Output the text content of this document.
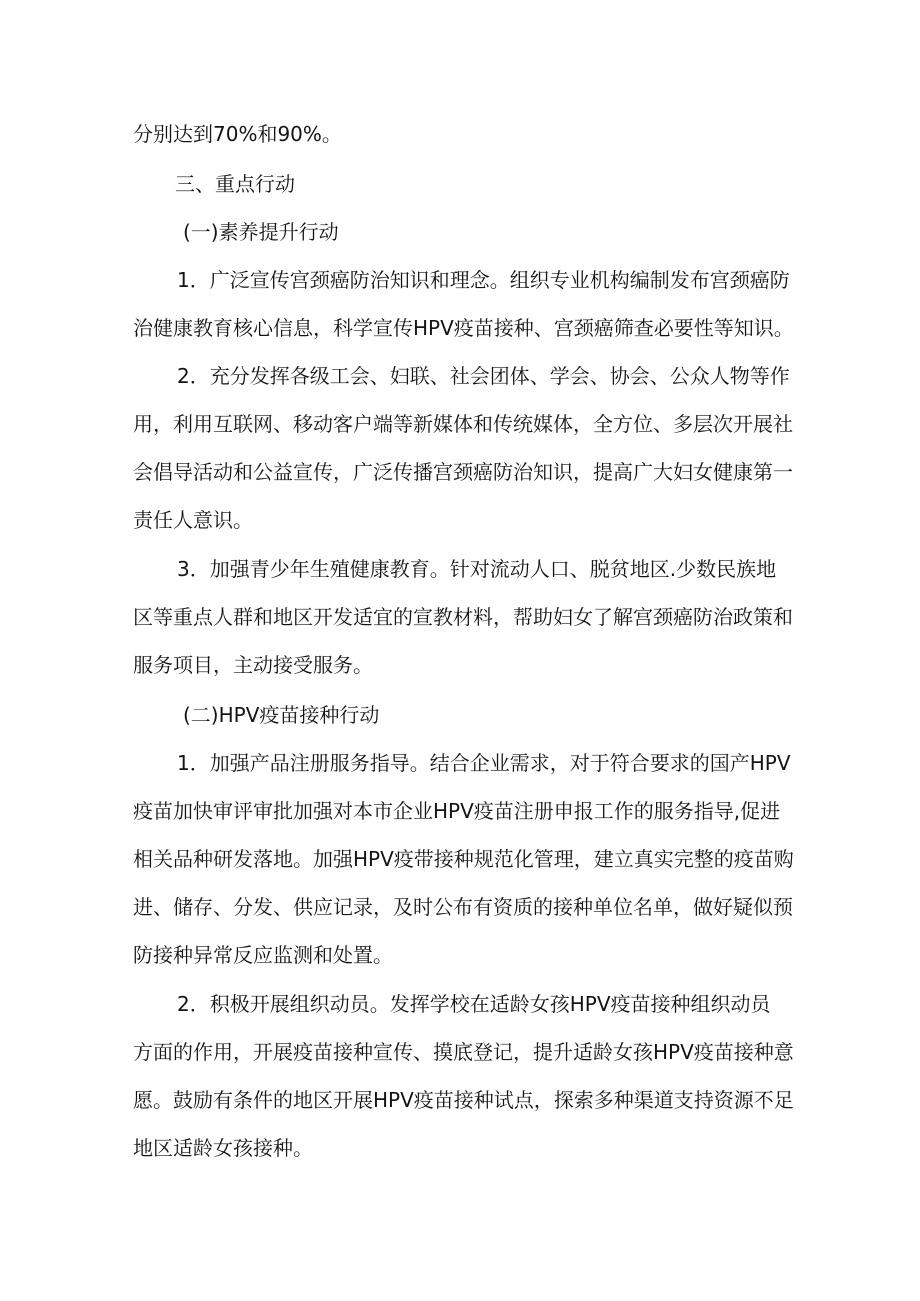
分别达到70%和90%。

三、重点行动

(一)素养提升行动

1．广泛宣传宫颈癌防治知识和理念。组织专业机构编制发布宫颈癌防

治健康教育核心信息，科学宣传HPV疫苗接种、宫颈癌筛查必要性等知识。

2．充分发挥各级工会、妇联、社会团体、学会、协会、公众人物等作

用，利用互联网、移动客户端等新媒体和传统媒体，全方位、多层次开展社

会倡导活动和公益宣传，广泛传播宫颈癌防治知识，提高广大妇女健康第一

责任人意识。

3．加强青少年生殖健康教育。针对流动人口、脱贫地区.少数民族地

区等重点人群和地区开发适宜的宣教材料，帮助妇女了解宫颈癌防治政策和

服务项目，主动接受服务。

(二)HPV疫苗接种行动

1．加强产品注册服务指导。结合企业需求，对于符合要求的国产HPV

疫苗加快审评审批加强对本市企业HPV疫苗注册申报工作的服务指导,促进

相关品种研发落地。加强HPV疫带接种规范化管理，建立真实完整的疫苗购

进、储存、分发、供应记录，及时公布有资质的接种单位名单，做好疑似预

防接种异常反应监测和处置。

2．积极开展组织动员。发挥学校在适龄女孩HPV疫苗接种组织动员

方面的作用，开展疫苗接种宣传、摸底登记，提升适龄女孩HPV疫苗接种意

愿。鼓励有条件的地区开展HPV疫苗接种试点，探索多种渠道支持资源不足

地区适龄女孩接种。
